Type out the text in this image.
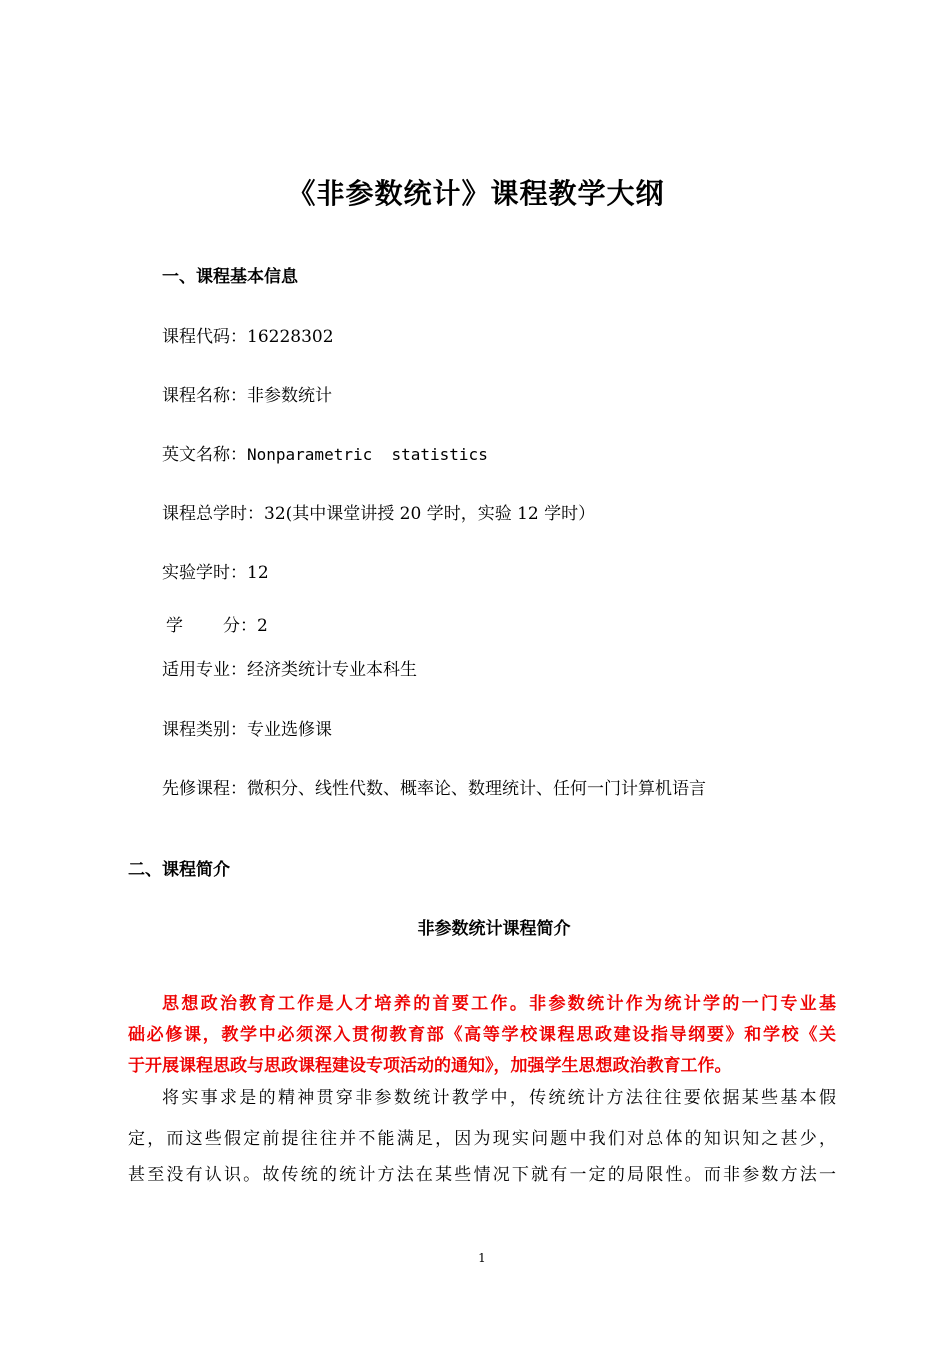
《非参数统计》课程教学大纲
一、课程基本信息
课程代码：16228302
课程名称：非参数统计
英文名称：Nonparametric  statistics
课程总学时：32(其中课堂讲授 20 学时，实验 12 学时）
实验学时：12
学 分：2
适用专业：经济类统计专业本科生
课程类别：专业选修课
先修课程：微积分、线性代数、概率论、数理统计、任何一门计算机语言
二、课程简介
非参数统计课程简介
思想政治教育工作是人才培养的首要工作。非参数统计作为统计学的一门专业基
础必修课，教学中必须深入贯彻教育部《高等学校课程思政建设指导纲要》和学校《关
于开展课程思政与思政课程建设专项活动的通知》，加强学生思想政治教育工作。
将实事求是的精神贯穿非参数统计教学中，传统统计方法往往要依据某些基本假
定，而这些假定前提往往并不能满足，因为现实问题中我们对总体的知识知之甚少，
甚至没有认识。故传统的统计方法在某些情况下就有一定的局限性。而非参数方法一
1
